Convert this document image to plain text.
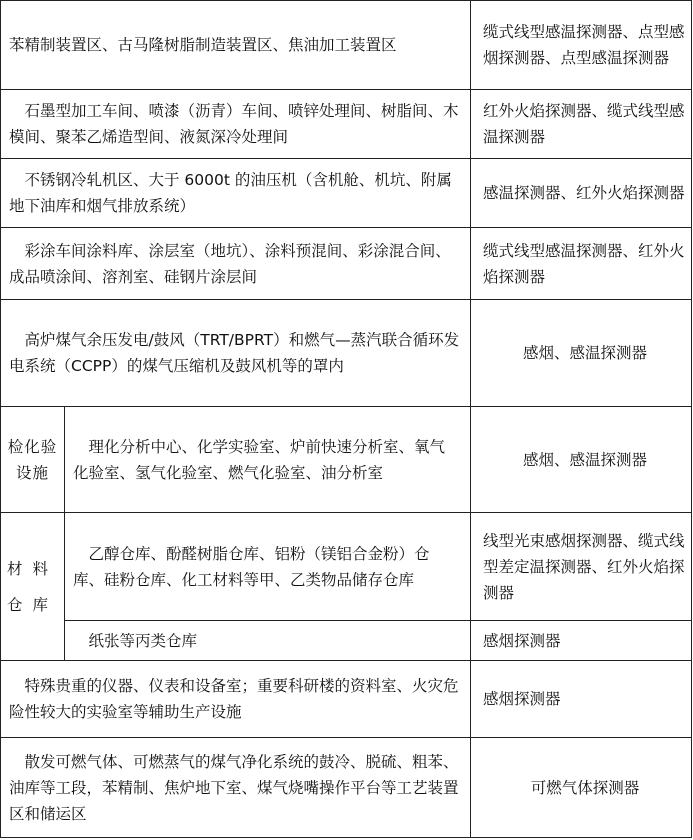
苯精制装置区、古马隆树脂制造装置区、焦油加工装置区		缆式线型感温探测器、点型感烟探测器、点型感温探测器
石墨型加工车间、喷漆（沥青）车间、喷锌处理间、树脂间、木模间、聚苯乙烯造型间、液氮深冷处理间		红外火焰探测器、缆式线型感温探测器
不锈钢冷轧机区、大于 6000t 的油压机（含机舱、机坑、附属地下油库和烟气排放系统）		感温探测器、红外火焰探测器
彩涂车间涂料库、涂层室（地坑）、涂料预混间、彩涂混合间、成品喷涂间、溶剂室、硅钢片涂层间		缆式线型感温探测器、红外火焰探测器
高炉煤气余压发电/鼓风（TRT/BPRT）和燃气—蒸汽联合循环发电系统（CCPP）的煤气压缩机及鼓风机等的罩内		感烟、感温探测器
检化验设施	理化分析中心、化学实验室、炉前快速分析室、氧气化验室、氢气化验室、燃气化验室、油分析室	感烟、感温探测器
材料仓库	乙醇仓库、酚醛树脂仓库、铝粉（镁铝合金粉）仓库、硅粉仓库、化工材料等甲、乙类物品储存仓库	线型光束感烟探测器、缆式线型差定温探测器、红外火焰探测器
	纸张等丙类仓库	感烟探测器
特殊贵重的仪器、仪表和设备室；重要科研楼的资料室、火灾危险性较大的实验室等辅助生产设施		感烟探测器
散发可燃气体、可燃蒸气的煤气净化系统的鼓冷、脱硫、粗苯、油库等工段，苯精制、焦炉地下室、煤气烧嘴操作平台等工艺装置区和储运区		可燃气体探测器
